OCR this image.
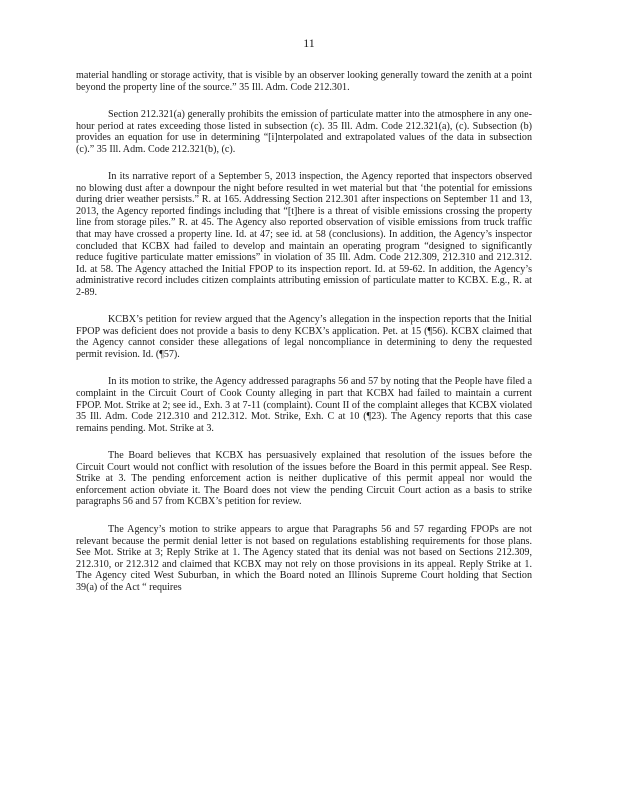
11

material handling or storage activity, that is visible by an observer looking generally toward the zenith at a point beyond the property line of the source.” 35 Ill. Adm. Code 212.301.

Section 212.321(a) generally prohibits the emission of particulate matter into the atmosphere in any one-hour period at rates exceeding those listed in subsection (c). 35 Ill. Adm. Code 212.321(a), (c). Subsection (b) provides an equation for use in determining “[i]nterpolated and extrapolated values of the data in subsection (c).” 35 Ill. Adm. Code 212.321(b), (c).

In its narrative report of a September 5, 2013 inspection, the Agency reported that inspectors observed no blowing dust after a downpour the night before resulted in wet material but that ‘the potential for emissions during drier weather persists.” R. at 165. Addressing Section 212.301 after inspections on September 11 and 13, 2013, the Agency reported findings including that “[t]here is a threat of visible emissions crossing the property line from storage piles.” R. at 45. The Agency also reported observation of visible emissions from truck traffic that may have crossed a property line. Id. at 47; see id. at 58 (conclusions). In addition, the Agency’s inspector concluded that KCBX had failed to develop and maintain an operating program “designed to significantly reduce fugitive particulate matter emissions” in violation of 35 Ill. Adm. Code 212.309, 212.310 and 212.312. Id. at 58. The Agency attached the Initial FPOP to its inspection report. Id. at 59-62. In addition, the Agency’s administrative record includes citizen complaints attributing emission of particulate matter to KCBX. E.g., R. at 2-89.

KCBX’s petition for review argued that the Agency’s allegation in the inspection reports that the Initial FPOP was deficient does not provide a basis to deny KCBX’s application. Pet. at 15 (¶56). KCBX claimed that the Agency cannot consider these allegations of legal noncompliance in determining to deny the requested permit revision. Id. (¶57).

In its motion to strike, the Agency addressed paragraphs 56 and 57 by noting that the People have filed a complaint in the Circuit Court of Cook County alleging in part that KCBX had failed to maintain a current FPOP. Mot. Strike at 2; see id., Exh. 3 at 7-11 (complaint). Count II of the complaint alleges that KCBX violated 35 Ill. Adm. Code 212.310 and 212.312. Mot. Strike, Exh. C at 10 (¶23). The Agency reports that this case remains pending. Mot. Strike at 3.

The Board believes that KCBX has persuasively explained that resolution of the issues before the Circuit Court would not conflict with resolution of the issues before the Board in this permit appeal. See Resp. Strike at 3. The pending enforcement action is neither duplicative of this permit appeal nor would the enforcement action obviate it. The Board does not view the pending Circuit Court action as a basis to strike paragraphs 56 and 57 from KCBX’s petition for review.

The Agency’s motion to strike appears to argue that Paragraphs 56 and 57 regarding FPOPs are not relevant because the permit denial letter is not based on regulations establishing requirements for those plans. See Mot. Strike at 3; Reply Strike at 1. The Agency stated that its denial was not based on Sections 212.309, 212.310, or 212.312 and claimed that KCBX may not rely on those provisions in its appeal. Reply Strike at 1. The Agency cited West Suburban, in which the Board noted an Illinois Supreme Court holding that Section 39(a) of the Act “ requires
